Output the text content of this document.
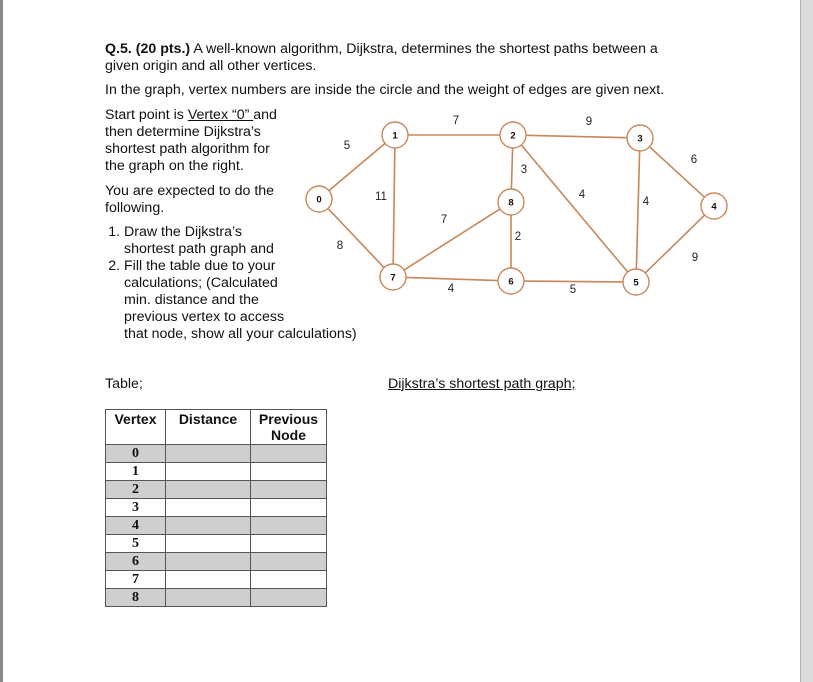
Q.5. (20 pts.) A well-known algorithm, Dijkstra, determines the shortest paths between a
given origin and all other vertices.
In the graph, vertex numbers are inside the circle and the weight of edges are given next.
Start point is Vertex “0” and
then determine Dijkstra’s
shortest path algorithm for
the graph on the right.
You are expected to do the
following.
1. Draw the Dijkstra’s
shortest path graph and
2. Fill the table due to your
calculations; (Calculated
min. distance and the
previous vertex to access
that node, show all your calculations)
Table;	Dijkstra’s shortest path graph;
Vertex	Distance	Previous Node
0		
1		
2		
3		
4		
5		
6		
7		
8		
5
8
7
11
9
3
4
6
4
9
7
2
4	5
0
1	2	3
4
5
6
7
8
